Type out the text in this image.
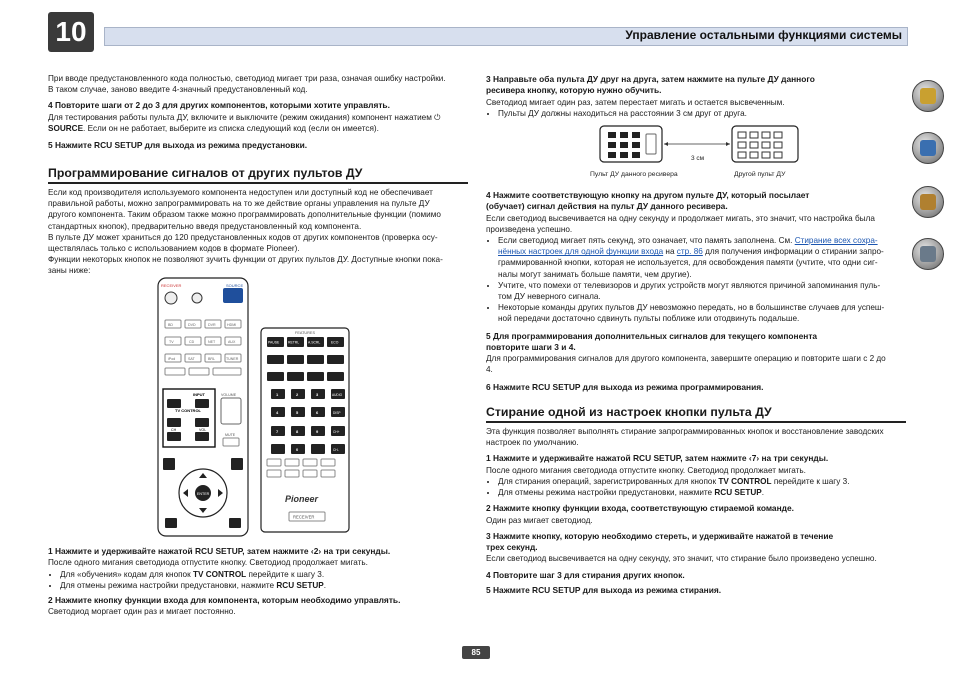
10	Управление остальными функциями системы

При вводе предустановленного кода полностью, светодиод мигает три раза, означая ошибку настройки.

В таком случае, заново введите 4-значный предустановленный код.

4 Повторите шаги от 2 до 3 для других компонентов, которыми хотите управлять.

Для тестирования работы пульта ДУ, включите и выключите (режим ожидания) компонент нажатием ⏻

SOURCE. Если он не работает, выберите из списка следующий код (если он имеется).

5 Нажмите RCU SETUP для выхода из режима предустановки.

Программирование сигналов от других пультов ДУ

Если код производителя используемого компонента недоступен или доступный код не обеспечивает

правильной работы, можно запрограммировать на то же действие органы управления на пульте ДУ

другого компонента. Таким образом также можно программировать дополнительные функции (помимо

стандартных кнопок), предварительно введя предустановленный код компонента.

В пульте ДУ может храниться до 120 предустановленных кодов от других компонентов (проверка осу-

ществлялась только с использованием кодов в формате Pioneer).

Функции некоторых кнопок не позволяют зучить функции от других пультов ДУ. Доступные кнопки пока-

заны ниже:

RECEIVER	SOURCE
BD	DVD	DVR	HDMI
TV	CD	NET	AUX
iPod	SAT	BRL	TUNER
INPUT
TV CONTROL
CH	VOL
VOLUME
MUTE
ENTER
FEATURES
PAUSE	RETRL	A.SCRL	ECO
1	2	3
4	5	6
7	8	9
0
AUDIO
DISP
CH+
CH-
Pioneer
RECEIVER

1 Нажмите и удерживайте нажатой RCU SETUP, затем нажмите ‹2› на три секунды.

После одного мигания светодиода отпустите кнопку. Светодиод продолжает мигать.

• Для «обучения» кодам для кнопок TV CONTROL перейдите к шагу 3.
• Для отмены режима настройки предустановки, нажмите RCU SETUP.

2 Нажмите кнопку функции входа для компонента, которым необходимо управлять.

Светодиод моргает один раз и мигает постоянно.

3 Направьте оба пульта ДУ друг на друга, затем нажмите на пульте ДУ данного

ресивера кнопку, которую нужно обучить.

Светодиод мигает один раз, затем перестает мигать и остается высвеченным.

• Пульты ДУ должны находиться на расстоянии 3 см друг от друга.
3 см
Пульт ДУ данного ресивера	Другой пульт ДУ

4 Нажмите соответствующую кнопку на другом пульте ДУ, который посылает

(обучает) сигнал действия на пульт ДУ данного ресивера.

Если светодиод высвечивается на одну секунду и продолжает мигать, это значит, что настройка была

произведена успешно.

• Если светодиод мигает пять секунд, это означает, что память заполнена. См. Стирание всех сохра-
нённых настроек для одной функции входа на стр. 86 для получения информации о стирании запро-
граммированной кнопки, которая не используется, для освобождения памяти (учтите, что одни сиг-
налы могут занимать больше памяти, чем другие).
• Учтите, что помехи от телевизоров и других устройств могут являются причиной запоминания пуль-
том ДУ неверного сигнала.
• Некоторые команды других пультов ДУ невозможно передать, но в большинстве случаев для успеш-
ной передачи достаточно сдвинуть пульты поближе или отодвинуть подальше.

5 Для программирования дополнительных сигналов для текущего компонента

повторите шаги 3 и 4.

Для программирования сигналов для другого компонента, завершите операцию и повторите шаги с 2 до

4.

6 Нажмите RCU SETUP для выхода из режима программирования.

Стирание одной из настроек кнопки пульта ДУ

Эта функция позволяет выполнять стирание запрограммированных кнопок и восстановление заводских

настроек по умолчанию.

1 Нажмите и удерживайте нажатой RCU SETUP, затем нажмите ‹7› на три секунды.

После одного мигания светодиода отпустите кнопку. Светодиод продолжает мигать.

• Для стирания операций, зарегистрированных для кнопок TV CONTROL перейдите к шагу 3.
• Для отмены режима настройки предустановки, нажмите RCU SETUP.

2 Нажмите кнопку функции входа, соответствующую стираемой команде.

Один раз мигает светодиод.

3 Нажмите кнопку, которую необходимо стереть, и удерживайте нажатой в течение

трех секунд.

Если светодиод высвечивается на одну секунду, это значит, что стирание было произведено успешно.

4 Повторите шаг 3 для стирания других кнопок.

5 Нажмите RCU SETUP для выхода из режима стирания.

85
